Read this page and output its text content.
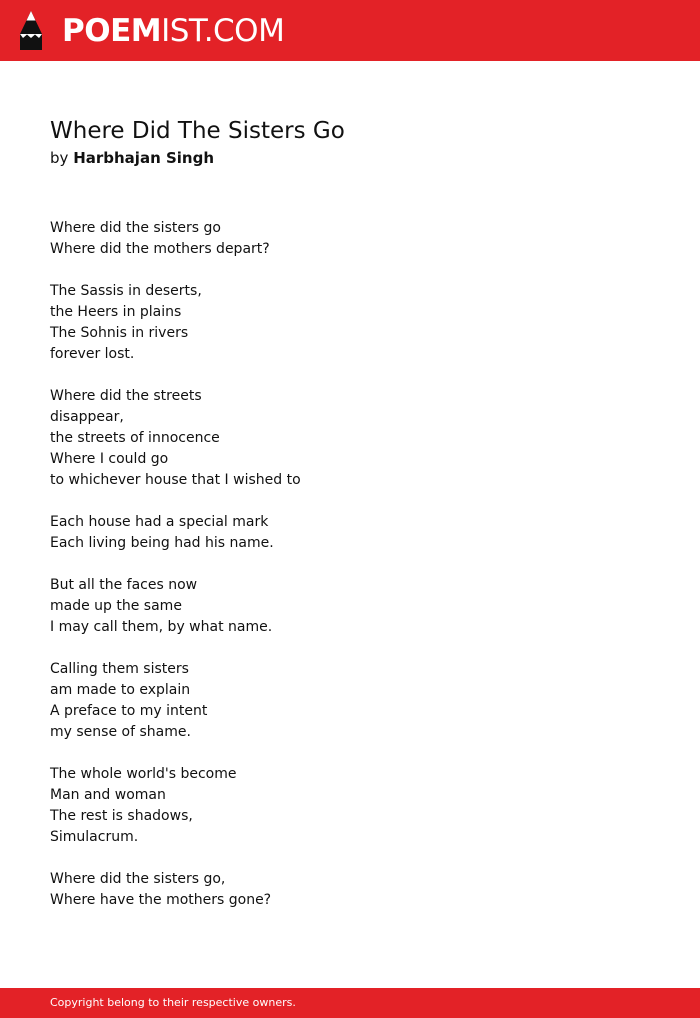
POEMIST.COM
Where Did The Sisters Go
by Harbhajan Singh
Where did the sisters go
Where did the mothers depart?
The Sassis in deserts,
the Heers in plains
The Sohnis in rivers
forever lost.
Where did the streets
disappear,
the streets of innocence
Where I could go
to whichever house that I wished to
Each house had a special mark
Each living being had his name.
But all the faces now
made up the same
I may call them, by what name.
Calling them sisters
am made to explain
A preface to my intent
my sense of shame.
The whole world's become
Man and woman
The rest is shadows,
Simulacrum.
Where did the sisters go,
Where have the mothers gone?
Copyright belong to their respective owners.
